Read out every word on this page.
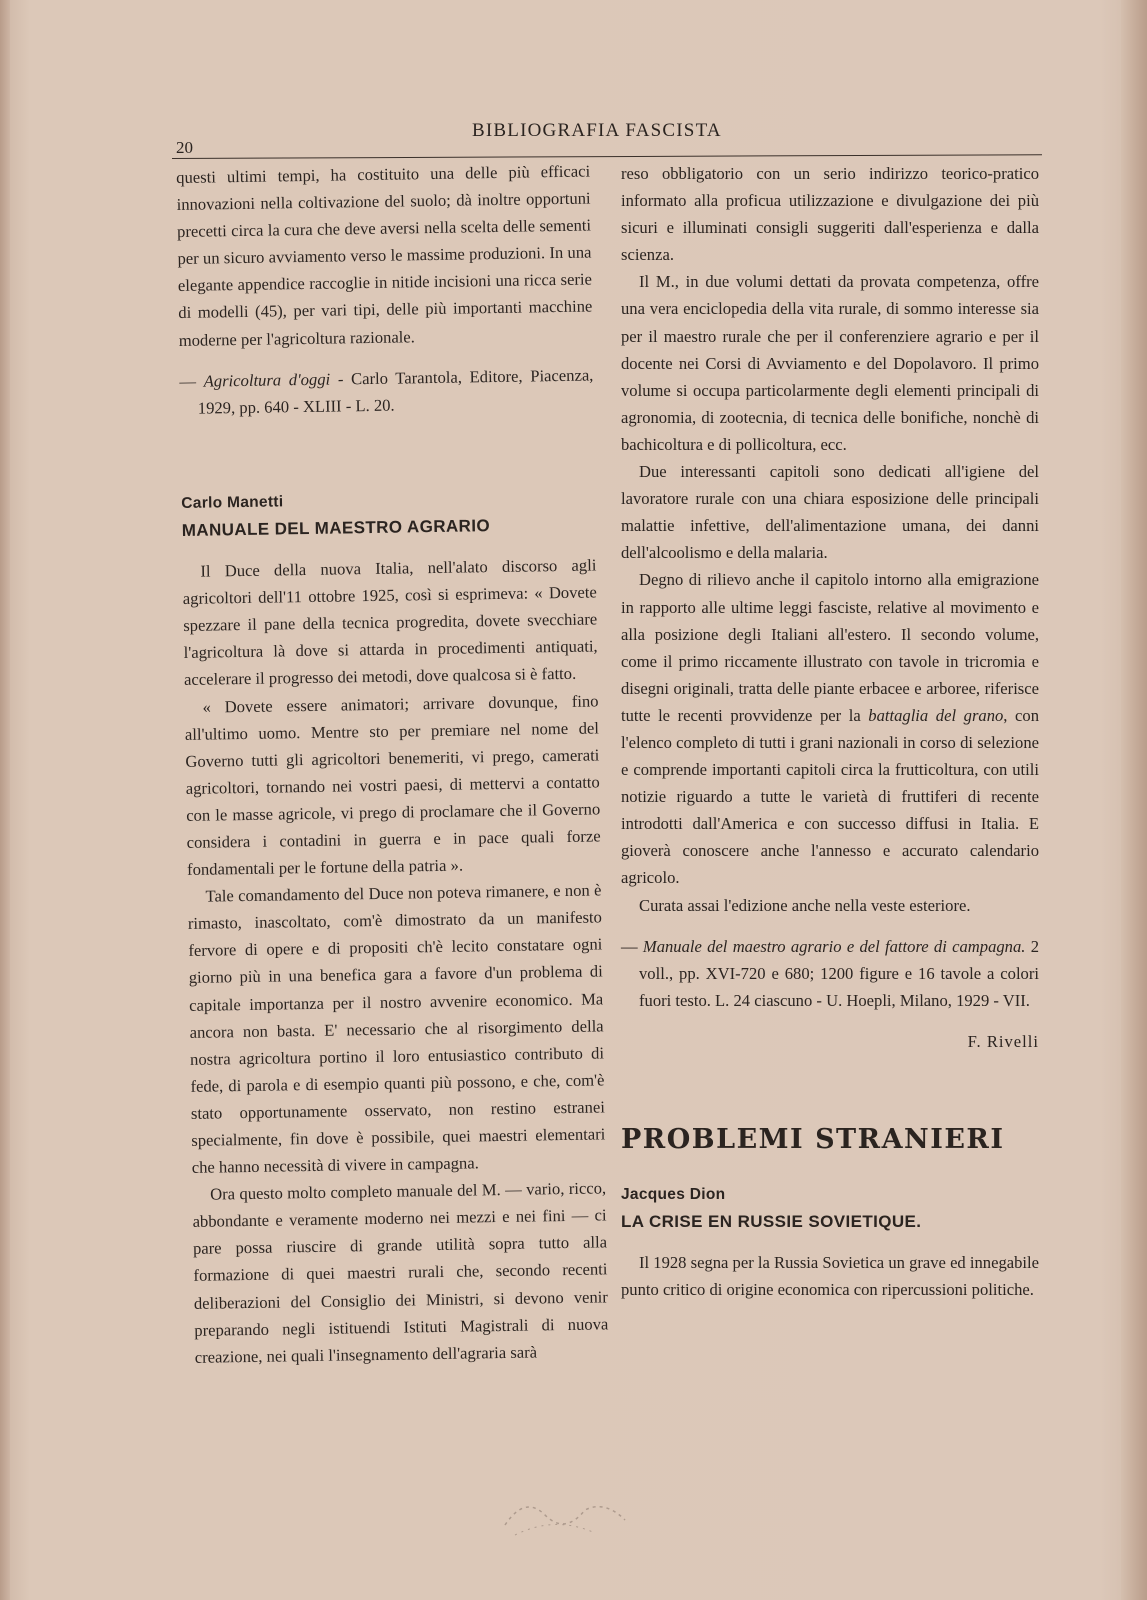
20
BIBLIOGRAFIA FASCISTA

questi ultimi tempi, ha costituito una delle più efficaci innovazioni nella coltivazione del suolo; dà inoltre opportuni precetti circa la cura che deve aversi nella scelta delle sementi per un sicuro avviamento verso le massime produzioni. In una elegante appendice raccoglie in nitide incisioni una ricca serie di modelli (45), per vari tipi, delle più importanti macchine moderne per l'agricoltura razionale.

— Agricoltura d'oggi - Carlo Tarantola, Editore, Piacenza, 1929, pp. 640 - XLIII - L. 20.

Carlo Manetti

MANUALE DEL MAESTRO AGRARIO

Il Duce della nuova Italia, nell'alato discorso agli agricoltori dell'11 ottobre 1925, così si esprimeva: « Dovete spezzare il pane della tecnica progredita, dovete svecchiare l'agricoltura là dove si attarda in procedimenti antiquati, accelerare il progresso dei metodi, dove qualcosa si è fatto.

« Dovete essere animatori; arrivare dovunque, fino all'ultimo uomo. Mentre sto per premiare nel nome del Governo tutti gli agricoltori benemeriti, vi prego, camerati agricoltori, tornando nei vostri paesi, di mettervi a contatto con le masse agricole, vi prego di proclamare che il Governo considera i contadini in guerra e in pace quali forze fondamentali per le fortune della patria ».

Tale comandamento del Duce non poteva rimanere, e non è rimasto, inascoltato, com'è dimostrato da un manifesto fervore di opere e di propositi ch'è lecito constatare ogni giorno più in una benefica gara a favore d'un problema di capitale importanza per il nostro avvenire economico. Ma ancora non basta. E' necessario che al risorgimento della nostra agricoltura portino il loro entusiastico contributo di fede, di parola e di esempio quanti più possono, e che, com'è stato opportunamente osservato, non restino estranei specialmente, fin dove è possibile, quei maestri elementari che hanno necessità di vivere in campagna.

Ora questo molto completo manuale del M. — vario, ricco, abbondante e veramente moderno nei mezzi e nei fini — ci pare possa riuscire di grande utilità sopra tutto alla formazione di quei maestri rurali che, secondo recenti deliberazioni del Consiglio dei Ministri, si devono venir preparando negli istituendi Istituti Magistrali di nuova creazione, nei quali l'insegnamento dell'agraria sarà

reso obbligatorio con un serio indirizzo teorico-pratico informato alla proficua utilizzazione e divulgazione dei più sicuri e illuminati consigli suggeriti dall'esperienza e dalla scienza.

Il M., in due volumi dettati da provata competenza, offre una vera enciclopedia della vita rurale, di sommo interesse sia per il maestro rurale che per il conferenziere agrario e per il docente nei Corsi di Avviamento e del Dopolavoro. Il primo volume si occupa particolarmente degli elementi principali di agronomia, di zootecnia, di tecnica delle bonifiche, nonchè di bachicoltura e di pollicoltura, ecc.

Due interessanti capitoli sono dedicati all'igiene del lavoratore rurale con una chiara esposizione delle principali malattie infettive, dell'alimentazione umana, dei danni dell'alcoolismo e della malaria.

Degno di rilievo anche il capitolo intorno alla emigrazione in rapporto alle ultime leggi fasciste, relative al movimento e alla posizione degli Italiani all'estero. Il secondo volume, come il primo riccamente illustrato con tavole in tricromia e disegni originali, tratta delle piante erbacee e arboree, riferisce tutte le recenti provvidenze per la battaglia del grano, con l'elenco completo di tutti i grani nazionali in corso di selezione e comprende importanti capitoli circa la frutticoltura, con utili notizie riguardo a tutte le varietà di fruttiferi di recente introdotti dall'America e con successo diffusi in Italia. E gioverà conoscere anche l'annesso e accurato calendario agricolo.

Curata assai l'edizione anche nella veste esteriore.

— Manuale del maestro agrario e del fattore di campagna. 2 voll., pp. XVI-720 e 680; 1200 figure e 16 tavole a colori fuori testo. L. 24 ciascuno - U. Hoepli, Milano, 1929 - VII.

F. Rivelli

PROBLEMI STRANIERI

Jacques Dion

LA CRISE EN RUSSIE SOVIETIQUE.

Il 1928 segna per la Russia Sovietica un grave ed innegabile punto critico di origine economica con ripercussioni politiche.
